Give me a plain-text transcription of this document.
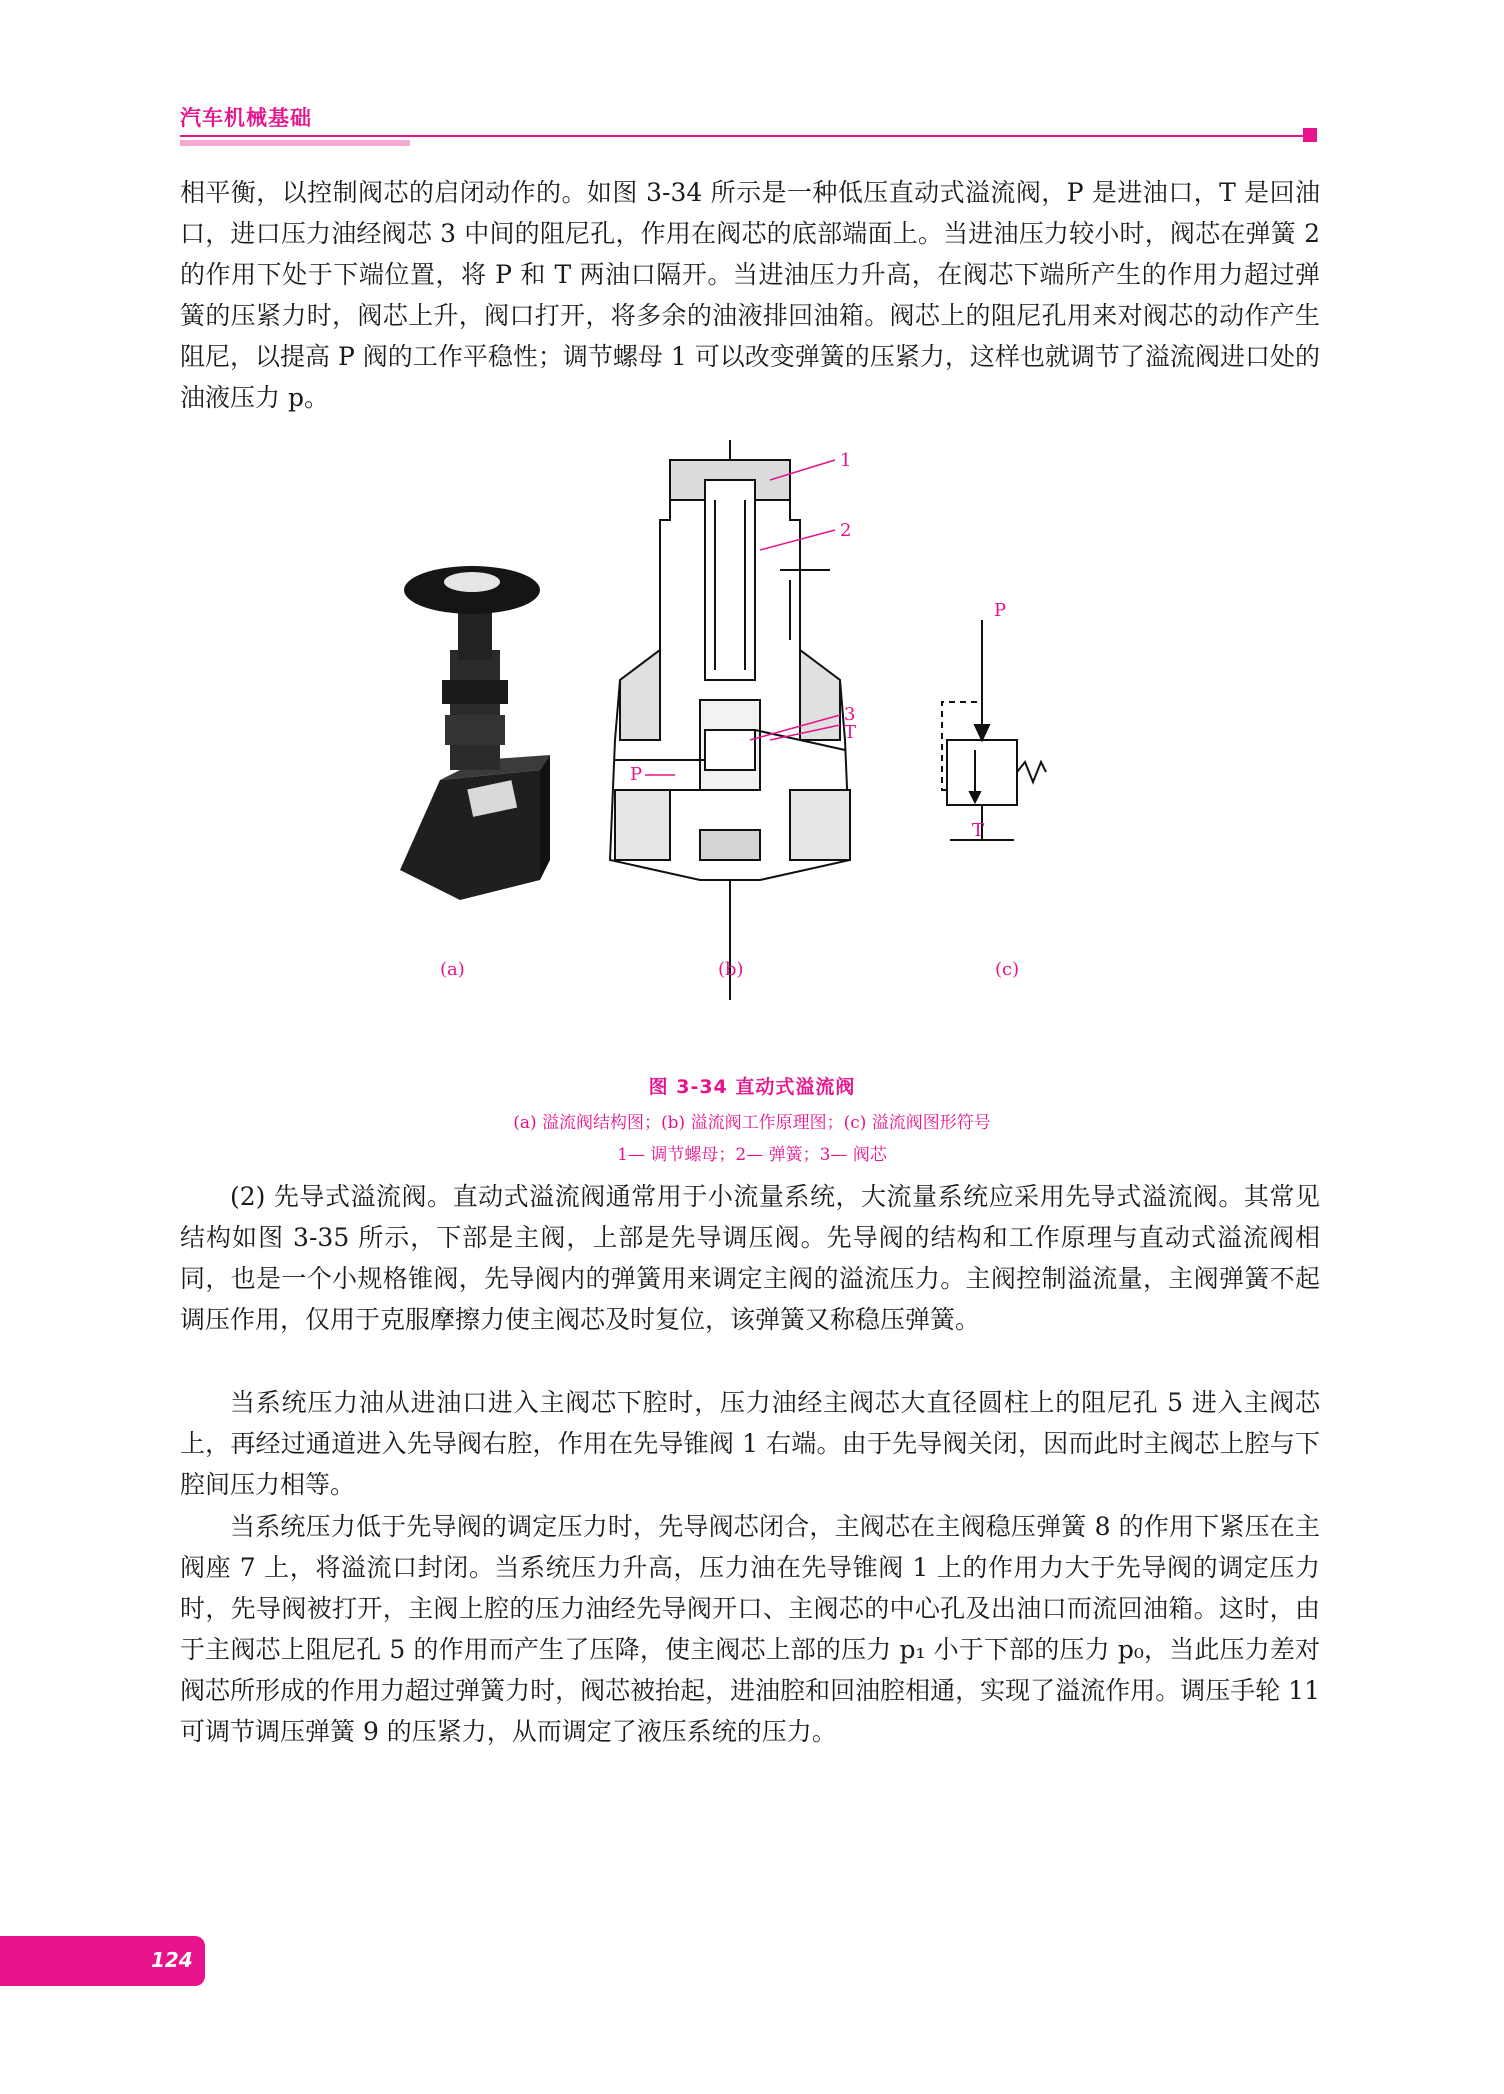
汽车机械基础

相平衡，以控制阀芯的启闭动作的。如图 3-34 所示是一种低压直动式溢流阀，P 是进油口，T 是回油口，进口压力油经阀芯 3 中间的阻尼孔，作用在阀芯的底部端面上。当进油压力较小时，阀芯在弹簧 2 的作用下处于下端位置，将 P 和 T 两油口隔开。当进油压力升高，在阀芯下端所产生的作用力超过弹簧的压紧力时，阀芯上升，阀口打开，将多余的油液排回油箱。阀芯上的阻尼孔用来对阀芯的动作产生阻尼，以提高 P 阀的工作平稳性；调节螺母 1 可以改变弹簧的压紧力，这样也就调节了溢流阀进口处的油液压力 p。

1
2
3
T
P
P
T
(a)	(b)	(c)
图 3-34 直动式溢流阀
(a) 溢流阀结构图；(b) 溢流阀工作原理图；(c) 溢流阀图形符号
1— 调节螺母；2— 弹簧；3— 阀芯

(2) 先导式溢流阀。直动式溢流阀通常用于小流量系统，大流量系统应采用先导式溢流阀。其常见结构如图 3-35 所示，下部是主阀，上部是先导调压阀。先导阀的结构和工作原理与直动式溢流阀相同，也是一个小规格锥阀，先导阀内的弹簧用来调定主阀的溢流压力。主阀控制溢流量，主阀弹簧不起调压作用，仅用于克服摩擦力使主阀芯及时复位，该弹簧又称稳压弹簧。

当系统压力油从进油口进入主阀芯下腔时，压力油经主阀芯大直径圆柱上的阻尼孔 5 进入主阀芯上，再经过通道进入先导阀右腔，作用在先导锥阀 1 右端。由于先导阀关闭，因而此时主阀芯上腔与下腔间压力相等。

当系统压力低于先导阀的调定压力时，先导阀芯闭合，主阀芯在主阀稳压弹簧 8 的作用下紧压在主阀座 7 上，将溢流口封闭。当系统压力升高，压力油在先导锥阀 1 上的作用力大于先导阀的调定压力时，先导阀被打开，主阀上腔的压力油经先导阀开口、主阀芯的中心孔及出油口而流回油箱。这时，由于主阀芯上阻尼孔 5 的作用而产生了压降，使主阀芯上部的压力 p₁ 小于下部的压力 p₀，当此压力差对阀芯所形成的作用力超过弹簧力时，阀芯被抬起，进油腔和回油腔相通，实现了溢流作用。调压手轮 11 可调节调压弹簧 9 的压紧力，从而调定了液压系统的压力。

124
